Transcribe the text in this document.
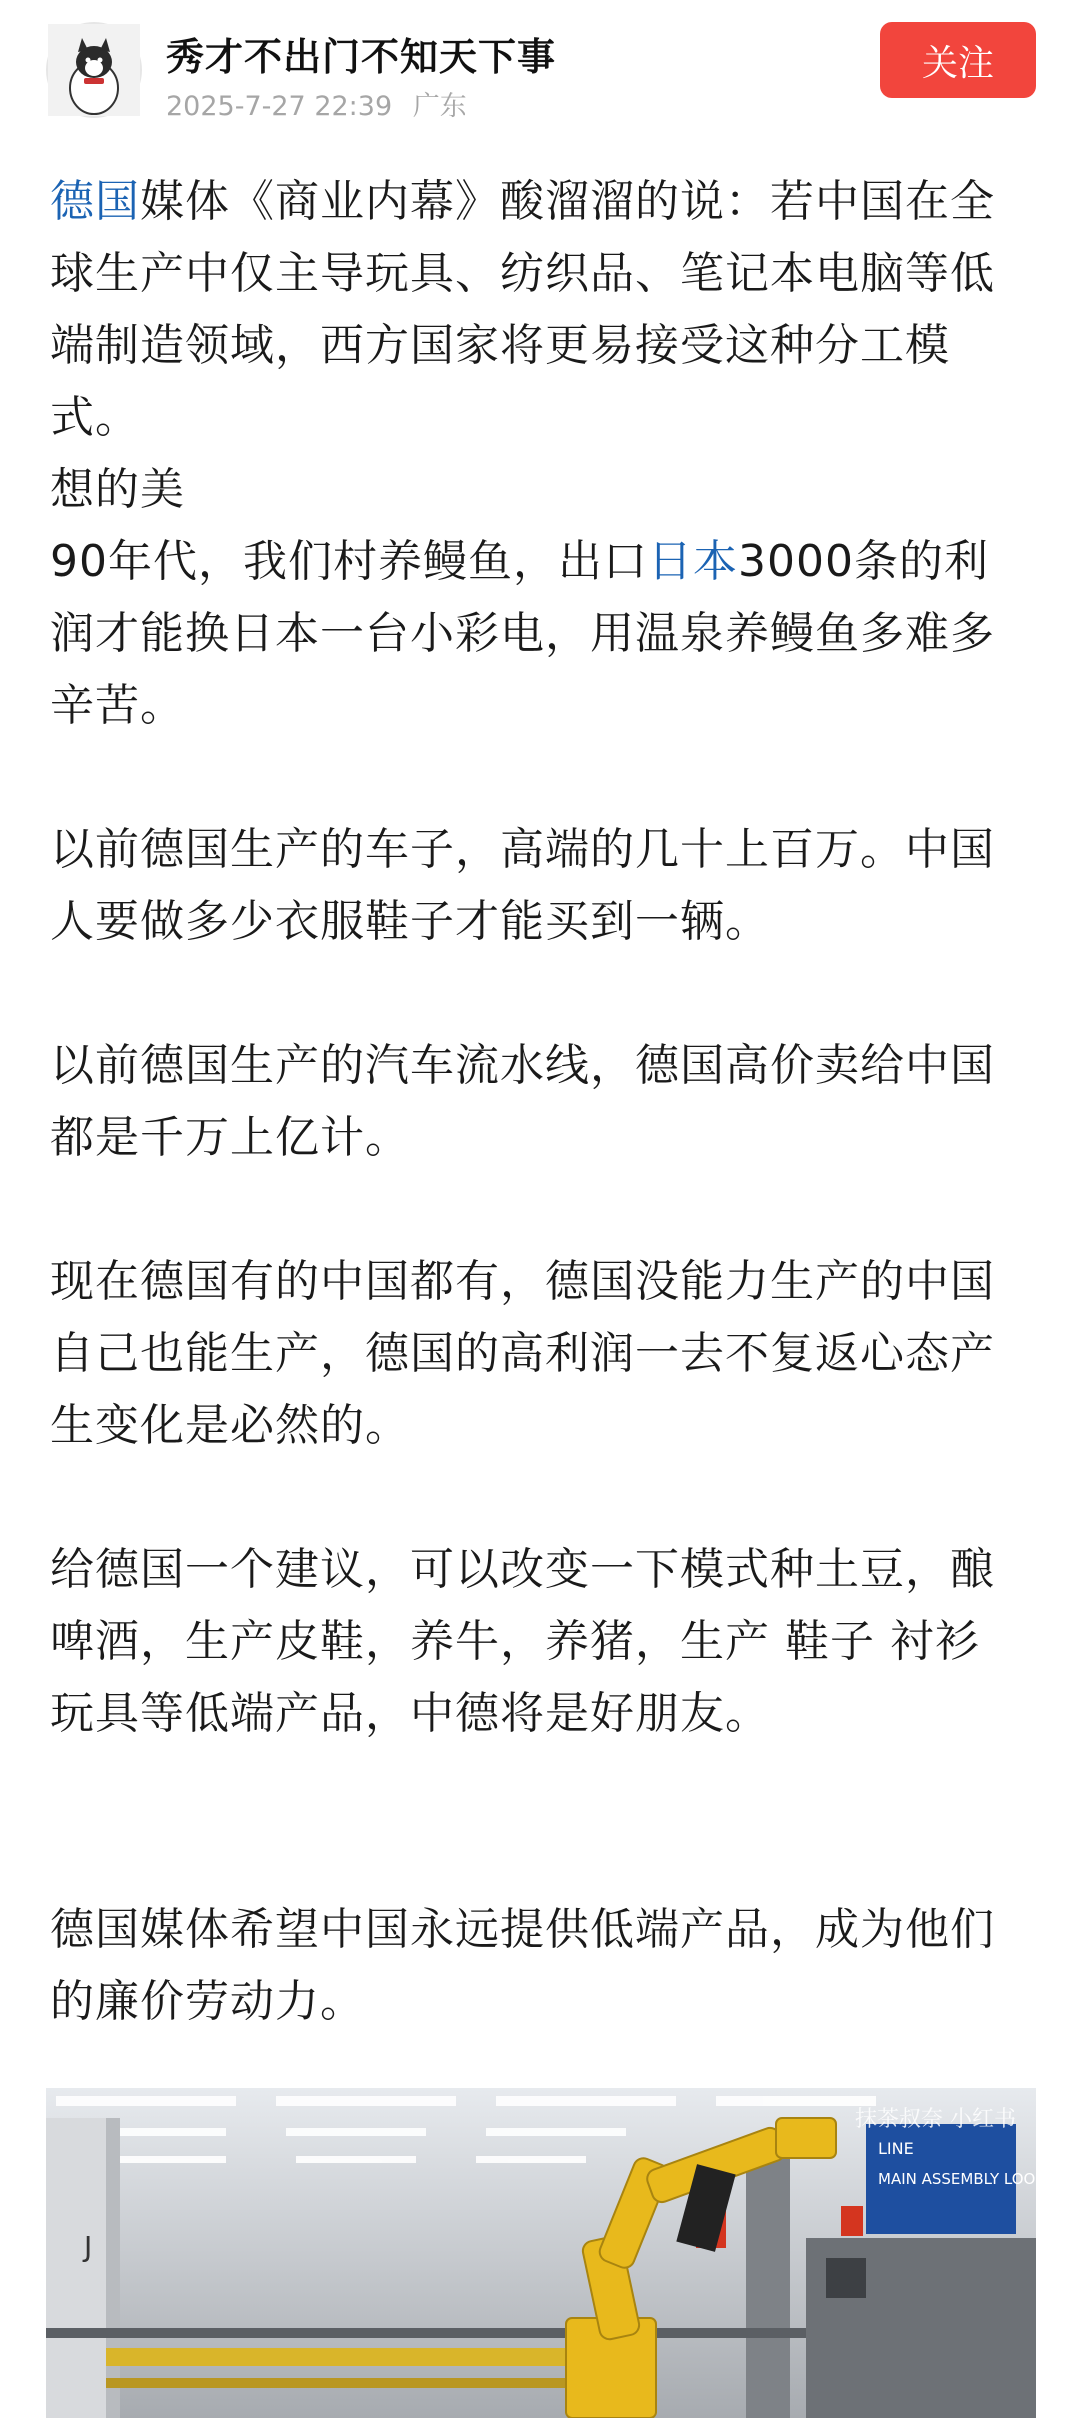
秀才不出门不知天下事
2025-7-27 22:39 广东
关注

德国媒体《商业内幕》酸溜溜的说：若中国在全球生产中仅主导玩具、纺织品、笔记本电脑等低端制造领域，西方国家将更易接受这种分工模式。

想的美

90年代，我们村养鳗鱼，出口日本3000条的利润才能换日本一台小彩电，用温泉养鳗鱼多难多辛苦。

以前德国生产的车子，高端的几十上百万。中国人要做多少衣服鞋子才能买到一辆。

以前德国生产的汽车流水线，德国高价卖给中国都是千万上亿计。

现在德国有的中国都有，德国没能力生产的中国自己也能生产，德国的高利润一去不复返心态产生变化是必然的。

给德国一个建议，可以改变一下模式种土豆，酿啤酒，生产皮鞋，养牛，养猪，生产 鞋子 衬衫 玩具等低端产品，中德将是好朋友。

德国媒体希望中国永远提供低端产品，成为他们的廉价劳动力。

J
LINE
MAIN ASSEMBLY LOOP 3
抹茶叔奈 小红书
